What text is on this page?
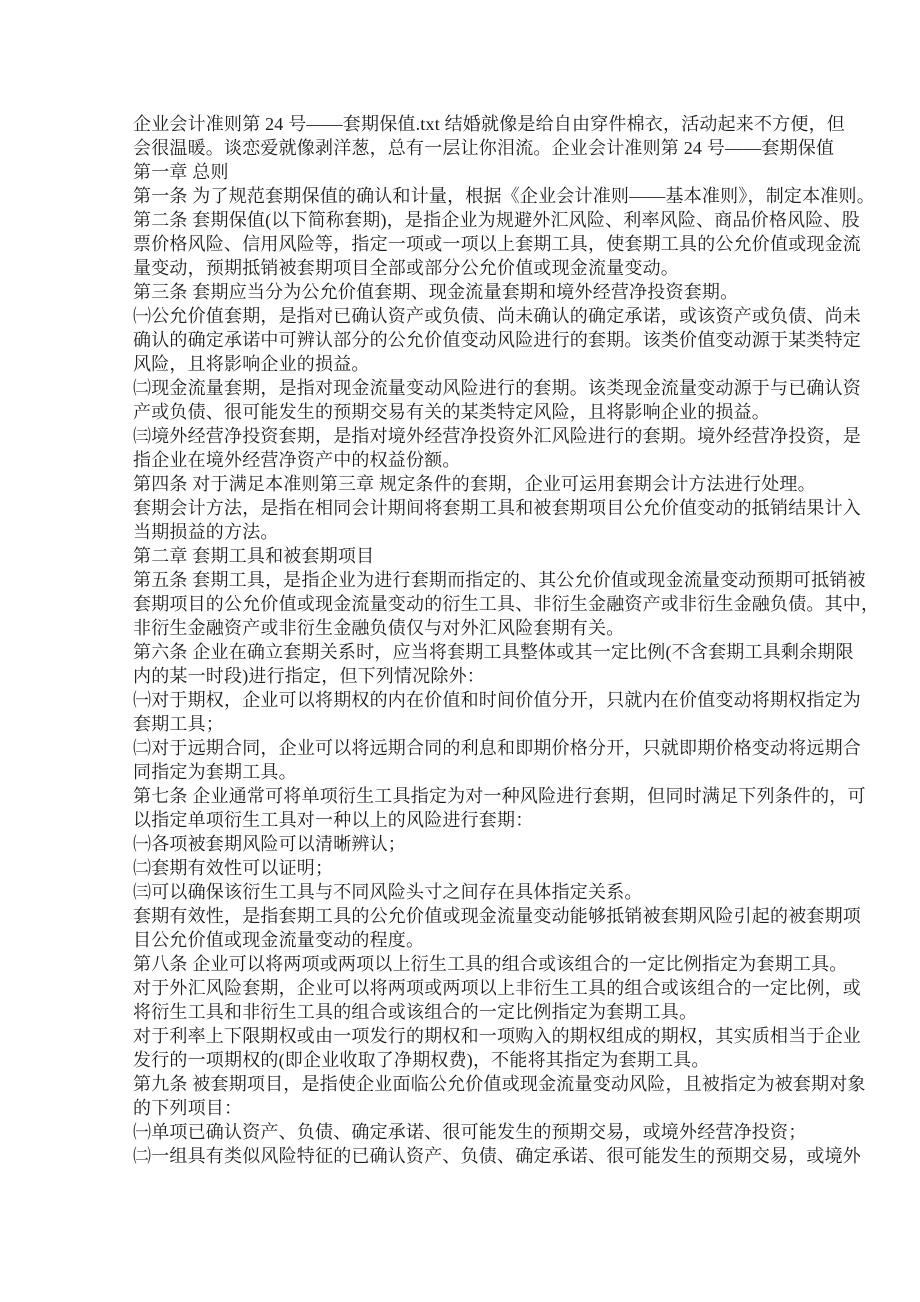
企业会计准则第 24 号——套期保值.txt 结婚就像是给自由穿件棉衣，活动起来不方便，但

会很温暖。谈恋爱就像剥洋葱，总有一层让你泪流。企业会计准则第 24 号——套期保值

第一章 总则

第一条 为了规范套期保值的确认和计量，根据《企业会计准则——基本准则》，制定本准则。

第二条 套期保值(以下简称套期)，是指企业为规避外汇风险、利率风险、商品价格风险、股

票价格风险、信用风险等，指定一项或一项以上套期工具，使套期工具的公允价值或现金流

量变动，预期抵销被套期项目全部或部分公允价值或现金流量变动。

第三条 套期应当分为公允价值套期、现金流量套期和境外经营净投资套期。

㈠公允价值套期，是指对已确认资产或负债、尚未确认的确定承诺，或该资产或负债、尚未

确认的确定承诺中可辨认部分的公允价值变动风险进行的套期。该类价值变动源于某类特定

风险，且将影响企业的损益。

㈡现金流量套期，是指对现金流量变动风险进行的套期。该类现金流量变动源于与已确认资

产或负债、很可能发生的预期交易有关的某类特定风险，且将影响企业的损益。

㈢境外经营净投资套期，是指对境外经营净投资外汇风险进行的套期。境外经营净投资，是

指企业在境外经营净资产中的权益份额。

第四条 对于满足本准则第三章 规定条件的套期，企业可运用套期会计方法进行处理。

套期会计方法，是指在相同会计期间将套期工具和被套期项目公允价值变动的抵销结果计入

当期损益的方法。

第二章 套期工具和被套期项目

第五条 套期工具，是指企业为进行套期而指定的、其公允价值或现金流量变动预期可抵销被

套期项目的公允价值或现金流量变动的衍生工具、非衍生金融资产或非衍生金融负债。其中，

非衍生金融资产或非衍生金融负债仅与对外汇风险套期有关。

第六条 企业在确立套期关系时，应当将套期工具整体或其一定比例(不含套期工具剩余期限

内的某一时段)进行指定，但下列情况除外：

㈠对于期权，企业可以将期权的内在价值和时间价值分开，只就内在价值变动将期权指定为

套期工具；

㈡对于远期合同，企业可以将远期合同的利息和即期价格分开，只就即期价格变动将远期合

同指定为套期工具。

第七条 企业通常可将单项衍生工具指定为对一种风险进行套期，但同时满足下列条件的，可

以指定单项衍生工具对一种以上的风险进行套期：

㈠各项被套期风险可以清晰辨认；

㈡套期有效性可以证明；

㈢可以确保该衍生工具与不同风险头寸之间存在具体指定关系。

套期有效性，是指套期工具的公允价值或现金流量变动能够抵销被套期风险引起的被套期项

目公允价值或现金流量变动的程度。

第八条 企业可以将两项或两项以上衍生工具的组合或该组合的一定比例指定为套期工具。

对于外汇风险套期，企业可以将两项或两项以上非衍生工具的组合或该组合的一定比例，或

将衍生工具和非衍生工具的组合或该组合的一定比例指定为套期工具。

对于利率上下限期权或由一项发行的期权和一项购入的期权组成的期权，其实质相当于企业

发行的一项期权的(即企业收取了净期权费)，不能将其指定为套期工具。

第九条 被套期项目，是指使企业面临公允价值或现金流量变动风险，且被指定为被套期对象

的下列项目：

㈠单项已确认资产、负债、确定承诺、很可能发生的预期交易，或境外经营净投资；

㈡一组具有类似风险特征的已确认资产、负债、确定承诺、很可能发生的预期交易，或境外
